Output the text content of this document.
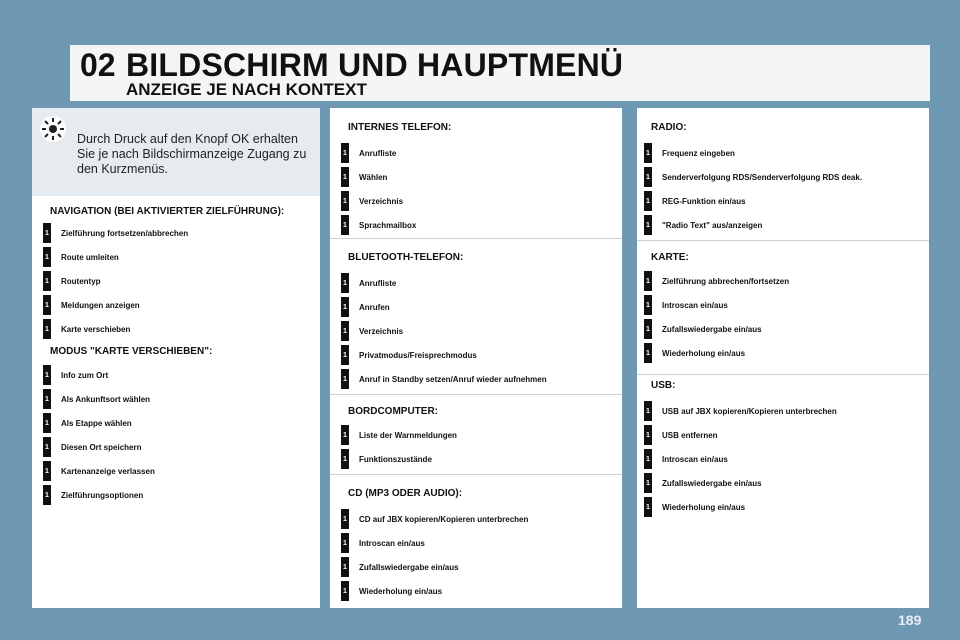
02 BILDSCHIRM UND HAUPTMENÜ
ANZEIGE JE NACH KONTEXT
Durch Druck auf den Knopf OK erhalten Sie je nach Bildschirmanzeige Zugang zu den Kurzmenüs.
NAVIGATION (BEI AKTIVIERTER ZIELFÜHRUNG):
1 Zielführung fortsetzen/abbrechen
1 Route umleiten
1 Routentyp
1 Meldungen anzeigen
1 Karte verschieben
MODUS "KARTE VERSCHIEBEN":
1 Info zum Ort
1 Als Ankunftsort wählen
1 Als Etappe wählen
1 Diesen Ort speichern
1 Kartenanzeige verlassen
1 Zielführungsoptionen
INTERNES TELEFON:
1 Anrufliste
1 Wählen
1 Verzeichnis
1 Sprachmailbox
BLUETOOTH-TELEFON:
1 Anrufliste
1 Anrufen
1 Verzeichnis
1 Privatmodus/Freisprechmodus
1 Anruf in Standby setzen/Anruf wieder aufnehmen
BORDCOMPUTER:
1 Liste der Warnmeldungen
1 Funktionszustände
CD (MP3 ODER AUDIO):
1 CD auf JBX kopieren/Kopieren unterbrechen
1 Introscan ein/aus
1 Zufallswiedergabe ein/aus
1 Wiederholung ein/aus
RADIO:
1 Frequenz eingeben
1 Senderverfolgung RDS/Senderverfolgung RDS deak.
1 REG-Funktion ein/aus
1 "Radio Text" aus/anzeigen
KARTE:
1 Zielführung abbrechen/fortsetzen
1 Introscan ein/aus
1 Zufallswiedergabe ein/aus
1 Wiederholung ein/aus
USB:
1 USB auf JBX kopieren/Kopieren unterbrechen
1 USB entfernen
1 Introscan ein/aus
1 Zufallswiedergabe ein/aus
1 Wiederholung ein/aus
189
